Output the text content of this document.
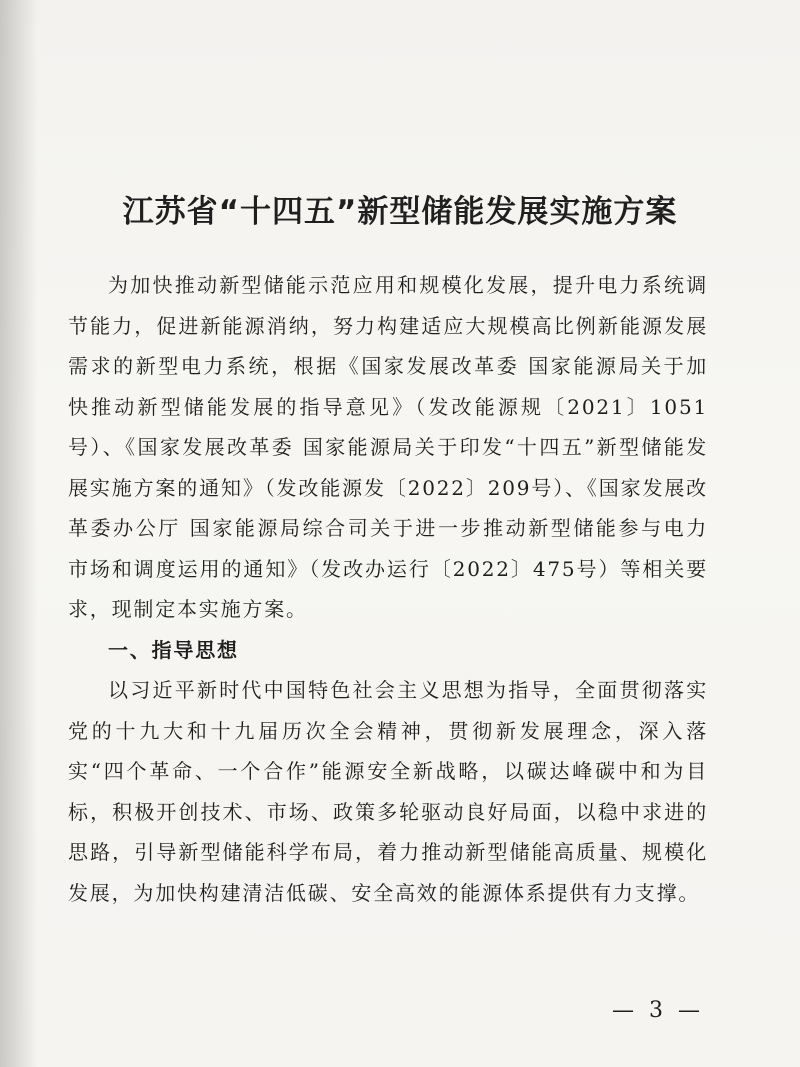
江苏省“十四五”新型储能发展实施方案

为加快推动新型储能示范应用和规模化发展，提升电力系统调节能力，促进新能源消纳，努力构建适应大规模高比例新能源发展需求的新型电力系统，根据《国家发展改革委 国家能源局关于加快推动新型储能发展的指导意见》（发改能源规〔2021〕1051号）、《国家发展改革委 国家能源局关于印发“十四五”新型储能发展实施方案的通知》（发改能源发〔2022〕209号）、《国家发展改革委办公厅 国家能源局综合司关于进一步推动新型储能参与电力市场和调度运用的通知》（发改办运行〔2022〕475号）等相关要求，现制定本实施方案。

一、指导思想

以习近平新时代中国特色社会主义思想为指导，全面贯彻落实党的十九大和十九届历次全会精神，贯彻新发展理念，深入落实“四个革命、一个合作”能源安全新战略，以碳达峰碳中和为目标，积极开创技术、市场、政策多轮驱动良好局面，以稳中求进的思路，引导新型储能科学布局，着力推动新型储能高质量、规模化发展，为加快构建清洁低碳、安全高效的能源体系提供有力支撑。

— 3 —
